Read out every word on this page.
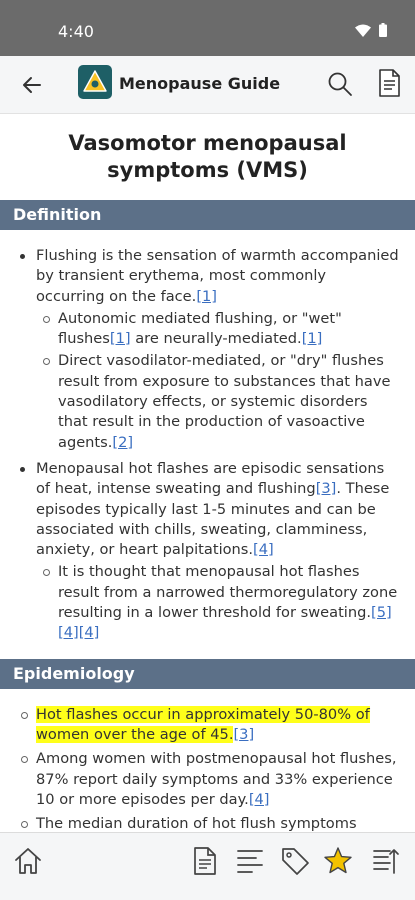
4:40
Menopause Guide
Vasomotor menopausal symptoms (VMS)
Definition
Flushing is the sensation of warmth accompanied by transient erythema, most commonly occurring on the face.[1]
Autonomic mediated flushing, or "wet" flushes[1] are neurally-mediated.[1]
Direct vasodilator-mediated, or "dry" flushes result from exposure to substances that have vasodilatory effects, or systemic disorders that result in the production of vasoactive agents.[2]
Menopausal hot flashes are episodic sensations of heat, intense sweating and flushing[3]. These episodes typically last 1-5 minutes and can be associated with chills, sweating, clamminess, anxiety, or heart palpitations.[4]
It is thought that menopausal hot flashes result from a narrowed thermoregulatory zone resulting in a lower threshold for sweating.[5][4][4]
Epidemiology
Hot flashes occur in approximately 50-80% of women over the age of 45.[3]
Among women with postmenopausal hot flushes, 87% report daily symptoms and 33% experience 10 or more episodes per day.[4]
The median duration of hot flush symptoms
